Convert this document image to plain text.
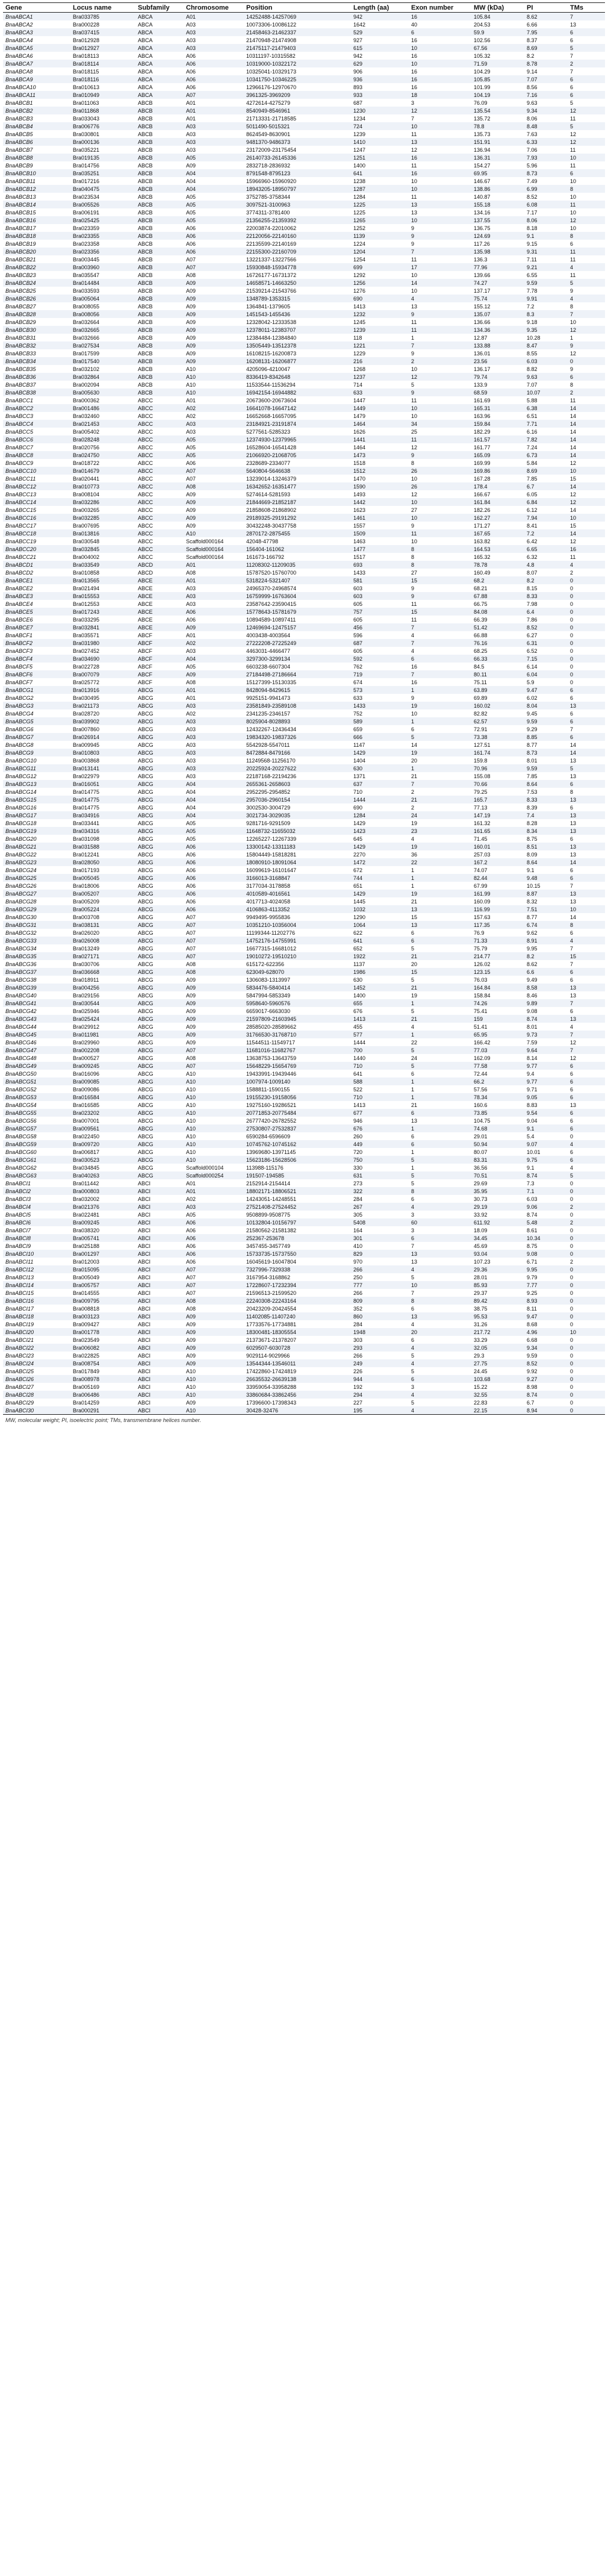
Gene	Locus name	Subfamily	Chromosome	Position	Length (aa)	Exon number	MW (kDa)	PI	TMs
BnaABCA1	Bra033785	ABCA	A01	14252488-14257069	942	16	105.84	8.62	7
BnaABCA2	Bra000228	ABCA	A03	10073306-10086122	1642	40	204.53	6.66	13
BnaABCA3	Bra037415	ABCA	A03	21458463-21462337	529	6	59.9	7.95	6
BnaABCA4	Bra012928	ABCA	A03	21470948-21474908	927	16	102.56	8.37	6
BnaABCA5	Bra012927	ABCA	A03	21475117-21479403	615	10	67.56	8.69	5
BnaABCA6	Bra018113	ABCA	A06	10311197-10315582	942	16	105.32	8.2	7
BnaABCA7	Bra018114	ABCA	A06	10319000-10322172	629	10	71.59	8.78	2
BnaABCA8	Bra018115	ABCA	A06	10325041-10329173	906	16	104.29	9.14	7
BnaABCA9	Bra018116	ABCA	A06	10341750-10346225	936	16	105.85	7.07	6
BnaABCA10	Bra010613	ABCA	A06	12966176-12970670	893	16	101.99	8.56	6
BnaABCA11	Bra010949	ABCA	A07	3961325-3969209	933	18	104.19	7.16	6
BnaABCB1	Bra011063	ABCB	A01	4272614-4275279	687	3	76.09	9.63	5
BnaABCB2	Bra011868	ABCB	A01	8540949-8546961	1230	12	135.54	9.34	12
BnaABCB3	Bra033043	ABCB	A01	21713331-21718585	1234	7	135.72	8.06	11
BnaABCB4	Bra006776	ABCB	A03	5011490-5015321	724	10	78.8	8.48	5
BnaABCB5	Bra030801	ABCB	A03	8624549-8630901	1239	11	135.73	7.63	12
BnaABCB6	Bra000136	ABCB	A03	9481370-9486373	1410	13	151.91	6.33	12
BnaABCB7	Bra035221	ABCB	A03	23172009-23175454	1247	12	136.94	7.06	11
BnaABCB8	Bra019135	ABCB	A05	26140733-26145336	1251	16	136.31	7.93	10
BnaABCB9	Bra014756	ABCB	A09	2832718-2836932	1400	11	154.27	5.96	11
BnaABCB10	Bra035251	ABCB	A04	8791548-8795123	641	16	69.95	8.73	6
BnaABCB11	Bra017216	ABCB	A04	15966960-15960920	1238	10	146.67	7.49	10
BnaABCB12	Bra040475	ABCB	A04	18943205-18950797	1287	10	138.86	6.99	8
BnaABCB13	Bra023534	ABCB	A05	3752785-3758344	1284	11	140.87	8.52	10
BnaABCB14	Bra005526	ABCB	A05	3097521-3100963	1225	13	155.18	6.08	11
BnaABCB15	Bra006191	ABCB	A05	3774311-3781400	1225	13	134.16	7.17	10
BnaABCB16	Bra025425	ABCB	A05	21356255-21359392	1265	10	137.55	8.06	12
BnaABCB17	Bra023359	ABCB	A06	22003874-22010062	1252	9	136.75	8.18	10
BnaABCB18	Bra023355	ABCB	A06	22120056-22140160	1139	9	124.69	9.1	8
BnaABCB19	Bra023358	ABCB	A06	22135599-22140169	1224	9	117.26	9.15	6
BnaABCB20	Bra023356	ABCB	A06	22155300-22160709	1204	7	135.98	9.31	11
BnaABCB21	Bra003445	ABCB	A07	13221337-13227566	1254	11	136.3	7.11	11
BnaABCB22	Bra003960	ABCB	A07	15930848-15934778	699	17	77.96	9.21	4
BnaABCB23	Bra035547	ABCB	A08	16726177-16731372	1292	10	139.66	6.55	11
BnaABCB24	Bra014484	ABCB	A09	14658571-14663250	1256	14	74.27	9.59	5
BnaABCB25	Bra033593	ABCB	A09	21539214-21543766	1276	10	137.17	7.78	9
BnaABCB26	Bra005064	ABCB	A09	1348789-1353315	690	4	75.74	9.91	4
BnaABCB27	Bra008055	ABCB	A09	1364841-1379605	1413	13	155.12	7.2	8
BnaABCB28	Bra008056	ABCB	A09	1451543-1455436	1232	9	135.07	8.3	7
BnaABCB29	Bra032664	ABCB	A09	12328042-12333538	1245	11	136.66	9.18	10
BnaABCB30	Bra032665	ABCB	A09	12378011-12383707	1239	11	134.36	9.35	12
BnaABCB31	Bra032666	ABCB	A09	12384484-12384840	118	1	12.87	10.28	1
BnaABCB32	Bra027534	ABCB	A09	13505449-13512378	1221	7	133.88	8.47	9
BnaABCB33	Bra017599	ABCB	A09	16108215-16200873	1229	9	136.01	8.55	12
BnaABCB34	Bra017540	ABCB	A09	16208131-16206877	216	2	23.56	6.03	0
BnaABCB35	Bra032102	ABCB	A10	4205096-4210047	1268	10	136.17	8.82	9
BnaABCB36	Bra032864	ABCB	A10	8336419-8342648	1237	12	79.74	9.63	6
BnaABCB37	Bra002094	ABCB	A10	11533544-11536294	714	5	133.9	7.07	8
BnaABCB38	Bra005630	ABCB	A10	16942154-16944882	633	9	68.59	10.07	2
BnaABCC1	Bra000362	ABCC	A01	20673600-20673604	1447	11	161.69	5.88	11
BnaABCC2	Bra001486	ABCC	A02	16641078-16647142	1449	10	165.31	6.38	14
BnaABCC3	Bra032460	ABCC	A02	16652668-16657095	1479	10	163.96	6.51	14
BnaABCC4	Bra021453	ABCC	A03	23184921-23191874	1464	34	159.84	7.71	14
BnaABCC5	Bra005402	ABCC	A03	5277561-5285323	1626	25	182.29	6.16	14
BnaABCC6	Bra028248	ABCC	A05	12374930-12379965	1441	11	161.57	7.82	14
BnaABCC7	Bra020756	ABCC	A05	16528604-16541428	1464	12	161.77	7.24	14
BnaABCC8	Bra024750	ABCC	A05	21066920-21068705	1473	9	165.09	6.73	14
BnaABCC9	Bra018722	ABCC	A06	2328689-2334077	1518	8	169.99	5.84	12
BnaABCC10	Bra014679	ABCC	A07	5640804-5646638	1512	26	169.86	8.69	10
BnaABCC11	Bra020441	ABCC	A07	13239014-13246379	1470	10	167.28	7.85	15
BnaABCC12	Bra010773	ABCC	A08	16342652-16351477	1590	26	178.4	6.7	14
BnaABCC13	Bra008104	ABCC	A09	5274614-5281593	1493	12	166.67	6.05	12
BnaABCC14	Bra032286	ABCC	A09	21844669-21852187	1442	10	161.84	6.84	12
BnaABCC15	Bra003265	ABCC	A09	21858608-21868902	1623	27	182.26	6.12	14
BnaABCC16	Bra032285	ABCC	A09	29189325-29191292	1461	10	162.27	7.94	10
BnaABCC17	Bra007695	ABCC	A09	30432248-30437758	1557	9	171.27	8.41	15
BnaABCC18	Bra013816	ABCC	A10	2870172-2875455	1509	11	167.65	7.2	14
BnaABCC19	Bra030548	ABCC	Scaffold000164	42048-47798	1463	10	163.82	6.42	12
BnaABCC20	Bra032845	ABCC	Scaffold000164	156404-161062	1477	8	164.53	6.65	16
BnaABCC21	Bra004002	ABCC	Scaffold000164	161673-166792	1517	8	165.32	6.32	11
BnaABCD1	Bra033549	ABCD	A01	11208302-11209035	693	8	78.78	4.8	4
BnaABCD2	Bra010858	ABCD	A08	15787520-15760700	1433	27	160.49	8.07	2
BnaABCE1	Bra013565	ABCE	A01	5318224-5321407	581	15	68.2	8.2	0
BnaABCE2	Bra021494	ABCE	A03	24965370-24968574	603	9	68.21	8.15	0
BnaABCE3	Bra015553	ABCE	A03	16759999-16763604	603	9	67.88	8.33	0
BnaABCE4	Bra012553	ABCE	A03	23587642-23590415	605	11	66.75	7.98	0
BnaABCE5	Bra017243	ABCE	A06	15778643-15781679	757	15	84.08	6.4	0
BnaABCE6	Bra033295	ABCE	A06	10894589-10897411	605	11	66.39	7.86	0
BnaABCE7	Bra032841	ABCE	A09	12469694-12475157	456	7	51.42	8.52	0
BnaABCF1	Bra035571	ABCF	A01	4003438-4003564	596	4	66.88	6.27	0
BnaABCF2	Bra031980	ABCF	A02	27222208-27225249	687	7	76.16	6.31	0
BnaABCF3	Bra027452	ABCF	A03	4463031-4466477	605	4	68.25	6.52	0
BnaABCF4	Bra034690	ABCF	A04	3297300-3299134	592	6	66.33	7.15	0
BnaABCF5	Bra022728	ABCF	A05	6603238-6607304	762	16	84.5	6.14	0
BnaABCF6	Bra007079	ABCF	A09	27184498-27186664	719	7	80.11	6.04	0
BnaABCF7	Bra025772	ABCF	A08	15127399-15130335	674	16	75.11	5.9	0
BnaABCG1	Bra013916	ABCG	A01	8428094-8429615	573	1	63.89	9.47	6
BnaABCG2	Bra030495	ABCG	A01	9925151-9941473	633	9	69.89	6.02	6
BnaABCG3	Bra021173	ABCG	A03	23581849-23589108	1433	19	160.02	8.04	13
BnaABCG4	Bra028720	ABCG	A02	2341235-2346157	752	10	82.82	9.45	6
BnaABCG5	Bra039902	ABCG	A03	8025904-8028893	589	1	62.57	9.59	6
BnaABCG6	Bra007860	ABCG	A03	12432267-12436434	659	6	72.91	9.29	7
BnaABCG7	Bra026914	ABCG	A03	19834320-19837326	666	5	73.38	8.85	6
BnaABCG8	Bra009945	ABCG	A03	5542928-5547011	1147	14	127.51	8.77	14
BnaABCG9	Bra010803	ABCG	A03	8472884-8479166	1429	19	161.74	8.73	14
BnaABCG10	Bra003868	ABCG	A03	11249568-11256170	1404	20	159.8	8.01	13
BnaABCG11	Bra013141	ABCG	A03	20225924-20227622	630	1	70.96	9.59	5
BnaABCG12	Bra022979	ABCG	A03	22187168-22194236	1371	21	155.08	7.85	13
BnaABCG13	Bra016051	ABCG	A04	2655361-2658603	637	7	70.66	8.64	6
BnaABCG14	Bra014775	ABCG	A04	2952295-2954852	710	2	79.25	7.53	8
BnaABCG15	Bra014775	ABCG	A04	2957036-2960154	1444	21	165.7	8.33	13
BnaABCG16	Bra014775	ABCG	A04	3002530-3004729	690	2	77.13	8.39	6
BnaABCG17	Bra034916	ABCG	A04	3021734-3029035	1284	24	147.19	7.4	13
BnaABCG18	Bra033441	ABCG	A05	9281716-9291509	1429	19	161.32	8.28	13
BnaABCG19	Bra034316	ABCG	A05	11648732-11655032	1423	23	161.65	8.34	13
BnaABCG20	Bra031098	ABCG	A05	12265227-12267339	645	4	71.45	8.75	6
BnaABCG21	Bra031588	ABCG	A06	13300142-13311183	1429	19	160.01	8.51	13
BnaABCG22	Bra012241	ABCG	A06	15804449-15818281	2270	36	257.03	8.09	13
BnaABCG23	Bra028050	ABCG	A06	18080910-18091064	1472	22	167.2	8.64	14
BnaABCG24	Bra017193	ABCG	A06	16099619-16101647	672	1	74.07	9.1	6
BnaABCG25	Bra005045	ABCG	A06	3166013-3168847	744	1	82.44	9.48	6
BnaABCG26	Bra018006	ABCG	A06	3177034-3178858	651	1	67.99	10.15	7
BnaABCG27	Bra005207	ABCG	A06	4010589-4016561	1429	19	161.99	8.87	13
BnaABCG28	Bra005209	ABCG	A06	4017713-4024058	1445	21	160.09	8.32	13
BnaABCG29	Bra005224	ABCG	A06	4106863-4113352	1032	13	116.99	7.51	10
BnaABCG30	Bra003708	ABCG	A07	9949495-9955836	1290	15	157.63	8.77	14
BnaABCG31	Bra038131	ABCG	A07	10351210-10356004	1064	13	117.35	6.74	8
BnaABCG32	Bra026020	ABCG	A07	11199344-11202776	622	6	76.9	9.62	6
BnaABCG33	Bra026008	ABCG	A07	14752176-14755991	641	6	71.33	8.91	4
BnaABCG34	Bra013249	ABCG	A07	16677315-16681012	652	5	75.79	9.95	7
BnaABCG35	Bra027171	ABCG	A07	19010272-19510210	1922	21	214.77	8.2	15
BnaABCG36	Bra030706	ABCG	A08	615172-622356	1137	20	126.02	8.62	7
BnaABCG37	Bra036668	ABCG	A08	623049-628070	1986	15	123.15	6.6	6
BnaABCG38	Bra018911	ABCG	A09	1306083-1313997	630	5	76.03	9.49	6
BnaABCG39	Bra004256	ABCG	A09	5834476-5840414	1452	21	164.84	8.58	13
BnaABCG40	Bra029156	ABCG	A09	5847994-5853349	1400	19	158.84	8.46	13
BnaABCG41	Bra030544	ABCG	A09	5958640-5960576	655	1	74.26	9.89	7
BnaABCG42	Bra025946	ABCG	A09	6659017-6663030	676	5	75.41	9.08	6
BnaABCG43	Bra025424	ABCG	A09	21597809-21603945	1413	21	159	8.74	13
BnaABCG44	Bra029912	ABCG	A09	28585020-28589662	455	4	51.41	8.01	4
BnaABCG45	Bra011981	ABCG	A09	31766530-31768710	577	1	65.95	9.73	7
BnaABCG46	Bra029960	ABCG	A09	11544511-11549717	1444	22	166.42	7.59	12
BnaABCG47	Bra002208	ABCG	A07	11681016-11682767	700	5	77.03	9.64	7
BnaABCG48	Bra000527	ABCG	A08	13638753-13643759	1440	24	162.09	8.14	12
BnaABCG49	Bra009245	ABCG	A07	15648229-15654769	710	5	77.58	9.77	6
BnaABCG50	Bra016096	ABCG	A10	19433991-19439446	641	6	72.44	9.4	6
BnaABCG51	Bra009085	ABCG	A10	1007974-1009140	588	1	66.2	9.77	6
BnaABCG52	Bra009086	ABCG	A10	1588811-1590155	522	1	57.56	9.71	6
BnaABCG53	Bra016584	ABCG	A10	19155230-19158056	710	1	78.34	9.05	6
BnaABCG54	Bra016585	ABCG	A10	19275160-19286521	1413	21	160.6	8.83	13
BnaABCG55	Bra023202	ABCG	A10	20771853-20775484	677	6	73.85	9.54	6
BnaABCG56	Bra007001	ABCG	A10	26777420-26782552	946	13	104.75	9.04	6
BnaABCG57	Bra009561	ABCG	A10	27530807-27532837	676	1	74.68	9.1	6
BnaABCG58	Bra022450	ABCG	A10	6590284-6596609	260	6	29.01	5.4	0
BnaABCG59	Bra009720	ABCG	A10	10745762-10745162	449	6	50.94	9.07	4
BnaABCG60	Bra006817	ABCG	A10	13969680-13971145	720	1	80.07	10.01	6
BnaABCG61	Bra030523	ABCG	A10	15623186-15628506	750	5	83.31	9.75	6
BnaABCG62	Bra034845	ABCG	Scaffold000104	113988-115176	330	1	36.56	9.1	4
BnaABCG63	Bra040263	ABCG	Scaffold000254	191507-194585	631	5	70.51	8.74	5
BnaABCI1	Bra011442	ABCI	A01	2152914-2154414	273	5	29.69	7.3	0
BnaABCI2	Bra000803	ABCI	A01	18802171-18806521	322	8	35.95	7.1	0
BnaABCI3	Bra032002	ABCI	A02	14243051-14248551	284	6	30.73	6.03	0
BnaABCI4	Bra021376	ABCI	A03	27521408-27524452	267	4	29.19	9.06	2
BnaABCI5	Bra022481	ABCI	A05	9508899-9508775	305	3	33.92	8.74	0
BnaABCI6	Bra009245	ABCI	A06	10132804-10156797	5408	60	611.92	5.48	2
BnaABCI7	Bra038320	ABCI	A06	21580562-21581382	164	3	18.09	8.61	0
BnaABCI8	Bra005741	ABCI	A06	252367-253678	301	6	34.45	10.34	0
BnaABCI9	Bra025188	ABCI	A06	3457455-3457749	410	7	45.69	8.75	0
BnaABCI10	Bra001297	ABCI	A06	15733735-15737550	829	13	93.04	9.08	0
BnaABCI11	Bra012003	ABCI	A06	16045619-16047804	970	13	107.23	6.71	2
BnaABCI12	Bra015095	ABCI	A07	7327996-7329338	266	4	29.36	9.95	0
BnaABCI13	Bra005049	ABCI	A07	3167954-3168862	250	5	28.01	9.79	0
BnaABCI14	Bra005757	ABCI	A07	17228607-17232394	777	10	85.93	7.77	0
BnaABCI15	Bra014555	ABCI	A07	21596513-21599520	266	7	29.37	9.25	0
BnaABCI16	Bra009795	ABCI	A08	22240308-22243164	809	8	89.42	8.93	0
BnaABCI17	Bra008818	ABCI	A08	20423209-20424554	352	6	38.75	8.11	0
BnaABCI18	Bra003123	ABCI	A09	11402085-11407240	860	13	95.53	9.47	0
BnaABCI19	Bra009427	ABCI	A09	17733576-17734881	284	4	31.26	8.68	0
BnaABCI20	Bra001778	ABCI	A09	18300481-18305554	1948	20	217.72	4.96	10
BnaABCI21	Bra023549	ABCI	A09	21373671-21378207	303	6	33.29	6.68	0
BnaABCI22	Bra006082	ABCI	A09	6029507-6030728	293	4	32.05	9.34	0
BnaABCI23	Bra022825	ABCI	A09	9029114-9029966	266	5	29.3	9.59	0
BnaABCI24	Bra008754	ABCI	A09	13544344-13546011	249	4	27.75	8.52	0
BnaABCI25	Bra017849	ABCI	A10	17422860-17424819	226	5	24.45	9.92	0
BnaABCI26	Bra008978	ABCI	A10	26635532-26639138	944	6	103.68	9.27	0
BnaABCI27	Bra005169	ABCI	A10	33959054-33958288	192	3	15.22	8.98	0
BnaABCI28	Bra006486	ABCI	A10	33860684-33862456	294	4	32.55	8.74	0
BnaABCI29	Bra014259	ABCI	A09	17396600-17398343	227	5	22.83	6.7	0
BnaABCI30	Bra000291	ABCI	A10	30428-32476	195	4	22.15	8.94	0
MW, molecular weight; PI, isoelectric point; TMs, transmembrane helices number.
